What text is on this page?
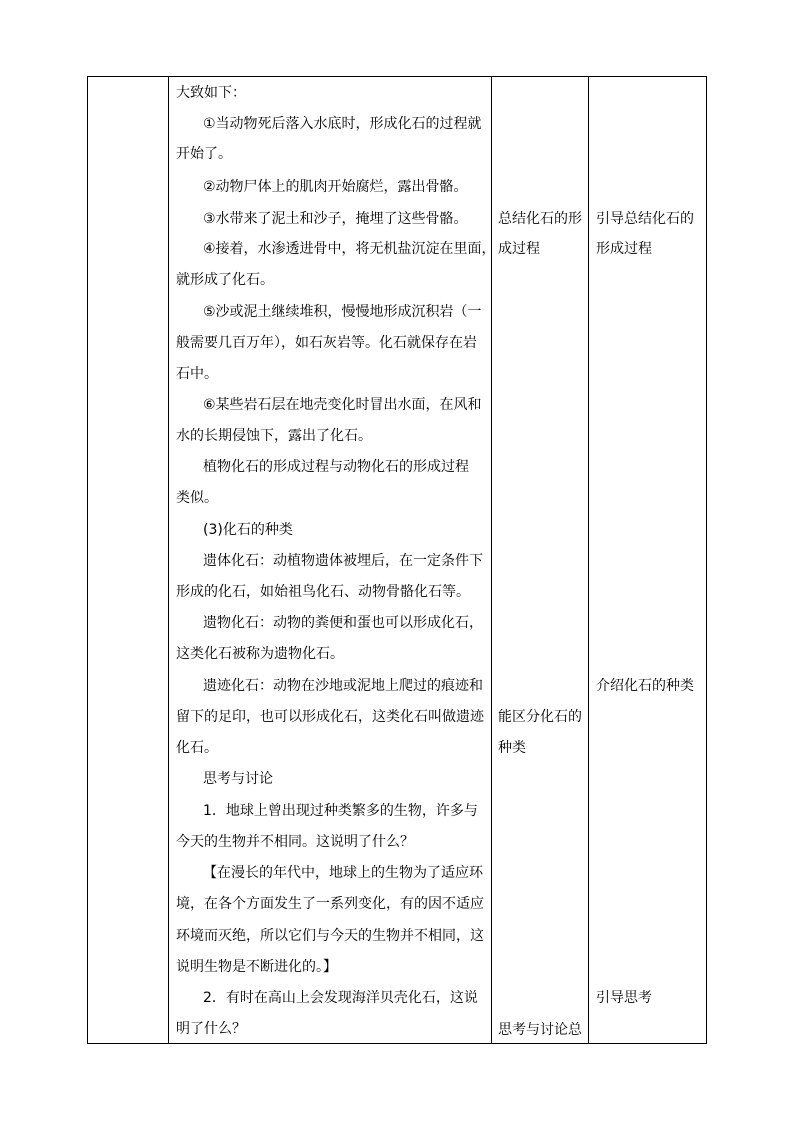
大致如下：
①当动物死后落入水底时，形成化石的过程就
开始了。
②动物尸体上的肌肉开始腐烂，露出骨骼。
③水带来了泥土和沙子，掩埋了这些骨骼。
④接着，水渗透进骨中，将无机盐沉淀在里面，
就形成了化石。
⑤沙或泥土继续堆积，慢慢地形成沉积岩（一
般需要几百万年），如石灰岩等。化石就保存在岩
石中。
⑥某些岩石层在地壳变化时冒出水面，在风和
水的长期侵蚀下，露出了化石。
植物化石的形成过程与动物化石的形成过程
类似。
(3)化石的种类
遗体化石：动植物遗体被埋后，在一定条件下
形成的化石，如始祖鸟化石、动物骨骼化石等。
遗物化石：动物的粪便和蛋也可以形成化石，
这类化石被称为遗物化石。
遗迹化石：动物在沙地或泥地上爬过的痕迹和
留下的足印，也可以形成化石，这类化石叫做遗迹
化石。
思考与讨论
1．地球上曾出现过种类繁多的生物，许多与
今天的生物并不相同。这说明了什么？
【在漫长的年代中，地球上的生物为了适应环
境，在各个方面发生了一系列变化，有的因不适应
环境而灭绝，所以它们与今天的生物并不相同，这
说明生物是不断进化的。】
2．有时在高山上会发现海洋贝壳化石，这说
明了什么？
总结化石的形
成过程
能区分化石的
种类
思考与讨论总
引导总结化石的
形成过程
介绍化石的种类
引导思考
